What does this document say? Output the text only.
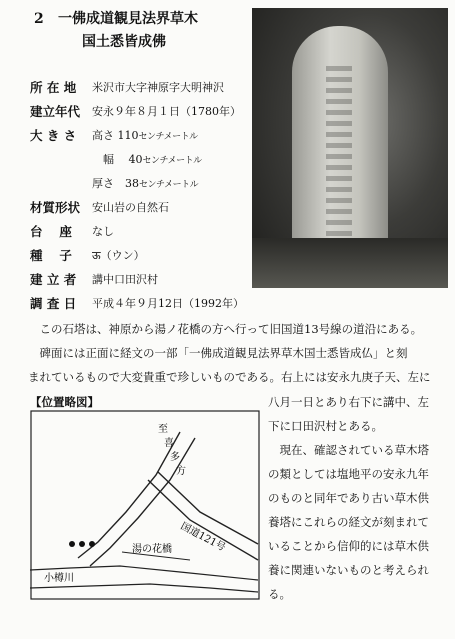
2 一佛成道観見法界草木
国土悉皆成佛
所 在 地 米沢市大字神原字大明神沢
建立年代 安永９年８月１日（1780年）
大 き さ 高さ 110センチメートル
　幅　 40センチメートル
厚さ　38センチメートル
材質形状 安山岩の自然石
台　 座 なし
種　 子 ऊ（ウン）
建 立 者 講中口田沢村
調 査 日 平成４年９月12日（1992年）
　この石塔は、神原から湯ノ花橋の方へ行って旧国道13号線の道沿にある。
　碑面には正面に経文の一部「一佛成道観見法界草木国士悉皆成仏」と刻
まれているもので大変貴重で珍しいものである。右上には安永九庚子天、左に
【位置略図】
至
喜
多
方
国道121号
湯の花橋
小樽川
八月一日とあり右下に講中、左
下に口田沢村とある。
　現在、確認されている草木塔
の類としては塩地平の安永九年
のものと同年であり古い草木供
養塔にこれらの経文が刻まれて
いることから信仰的には草木供
養に関連いないものと考えられ
る。
